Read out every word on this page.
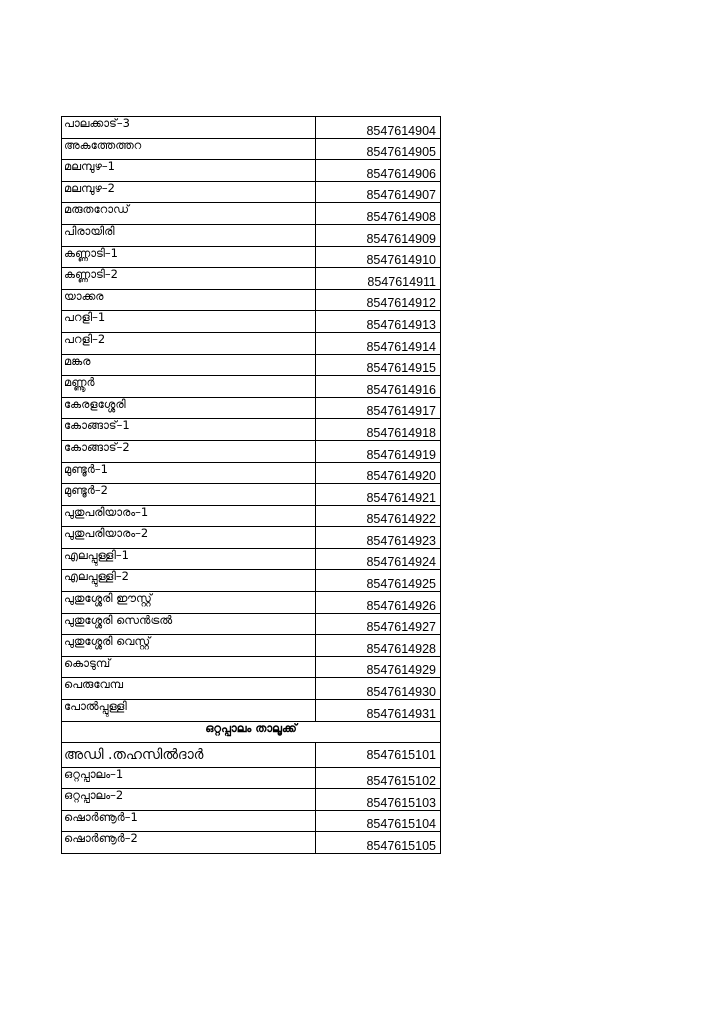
പാലക്കാട്–3	8547614904
അകത്തേത്തറ	8547614905
മലമ്പുഴ–1	8547614906
മലമ്പുഴ–2	8547614907
മരുതറോഡ്	8547614908
പിരായിരി	8547614909
കണ്ണാടി–1	8547614910
കണ്ണാടി–2	8547614911
യാക്കര	8547614912
പറളി–1	8547614913
പറളി–2	8547614914
മങ്കര	8547614915
മണ്ണൂർ	8547614916
കേരളശ്ശേരി	8547614917
കോങ്ങാട്–1	8547614918
കോങ്ങാട്–2	8547614919
മുണ്ടൂർ–1	8547614920
മുണ്ടൂർ–2	8547614921
പുതുപരിയാരം–1	8547614922
പുതുപരിയാരം–2	8547614923
എലപ്പുള്ളി–1	8547614924
എലപ്പുള്ളി–2	8547614925
പുതുശ്ശേരി ഈസ്റ്റ്	8547614926
പുതുശ്ശേരി സെൻട്രൽ	8547614927
പുതുശ്ശേരി വെസ്റ്റ്	8547614928
കൊടുമ്പ്	8547614929
പെരുവേമ്പ	8547614930
പോൽപ്പുള്ളി	8547614931
ഒറ്റപ്പാലം താലൂക്ക്	
അഡി .തഹസിൽദാർ	8547615101
ഒറ്റപ്പാലം–1	8547615102
ഒറ്റപ്പാലം–2	8547615103
ഷൊർണൂർ–1	8547615104
ഷൊർണൂർ–2	8547615105
